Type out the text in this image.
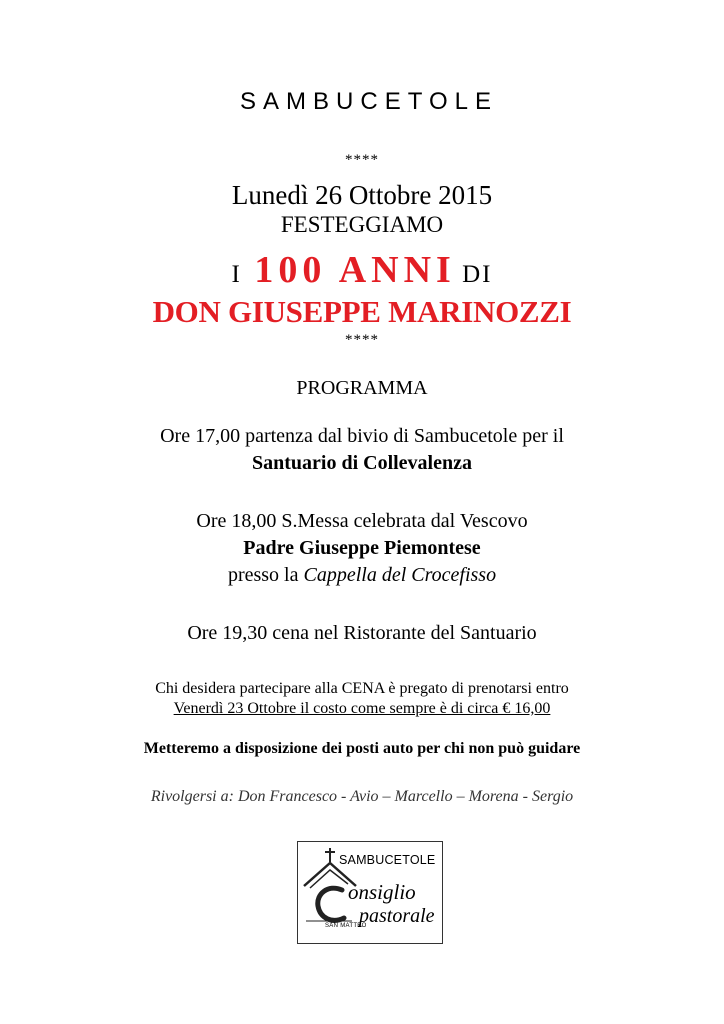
SAMBUCETOLE
****
Lunedì 26 Ottobre 2015
FESTEGGIAMO
I 100 ANNI DI
DON GIUSEPPE MARINOZZI
****
PROGRAMMA
Ore 17,00 partenza dal bivio di Sambucetole per il
Santuario di Collevalenza
Ore 18,00 S.Messa celebrata dal Vescovo
Padre Giuseppe Piemontese
presso la Cappella del Crocefisso
Ore 19,30 cena nel Ristorante del Santuario
Chi desidera partecipare alla CENA è pregato di prenotarsi entro
Venerdì 23 Ottobre il costo come sempre è di circa € 16,00
Metteremo a disposizione dei posti auto per chi non può guidare
Rivolgersi a: Don Francesco - Avio – Marcello – Morena - Sergio
SAMBUCETOLE
onsiglio
pastorale
SAN MATTEO
